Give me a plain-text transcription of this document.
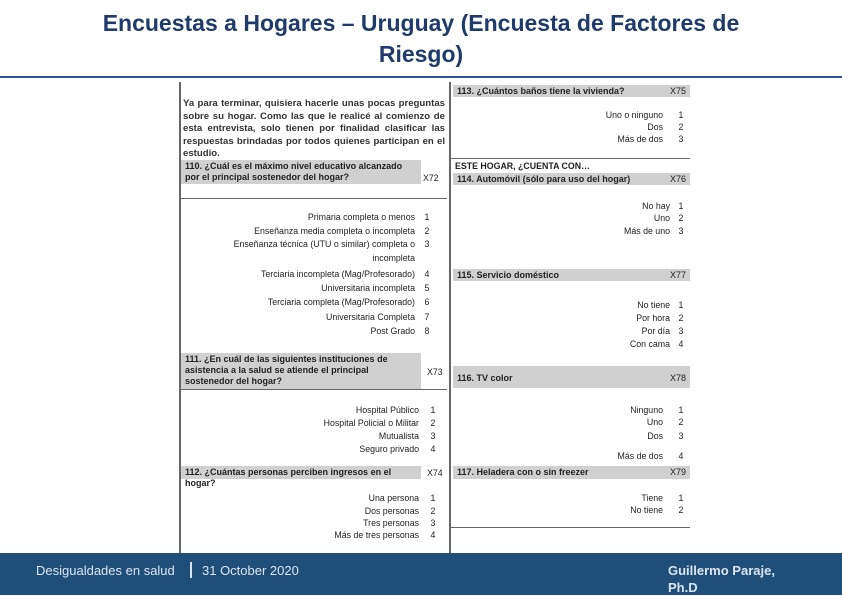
Encuestas a Hogares – Uruguay (Encuesta de Factores de
Riesgo)
Ya para terminar, quisiera hacerle unas pocas preguntas sobre su hogar. Como las que le realicé al comienzo de esta entrevista, solo tienen por finalidad clasificar las respuestas brindadas por todos quienes participan en el estudio.
110. ¿Cuál es el máximo nivel educativo alcanzado por el principal sostenedor del hogar?	X72
Primaria completa o menos	1
Enseñanza media completa o incompleta	2
Enseñanza técnica (UTU o similar) completa o	3
incompleta
Terciaria incompleta (Mag/Profesorado)	4
Universitaria incompleta	5
Terciaria completa (Mag/Profesorado)	6
Universitaria Completa	7
Post Grado	8
111. ¿En cuál de las siguientes instituciones de asistencia a la salud se atiende el principal sostenedor del hogar?
X73
Hospital Público	1
Hospital Policial o Militar	2
Mutualista	3
Seguro privado	4
112. ¿Cuántas personas perciben ingresos en el hogar?
X74
Una persona	1
Dos personas	2
Tres personas	3
Más de tres personas	4
113. ¿Cuántos baños tiene la vivienda?	X75
Uno o ninguno	1
Dos	2
Más de dos	3
ESTE HOGAR, ¿CUENTA CON…
114. Automóvil (sólo para uso del hogar)	X76
No hay 1
Uno 2
Más de uno 3
115. Servicio doméstico	X77
No tiene 1
Por hora 2
Por día 3
Con cama 4
116. TV color	X78
Ninguno	1
Uno	2
Dos	3
Más de dos	4
117. Heladera con o sin freezer	X79
Tiene	1
No tiene	2
Desigualdades en salud 31 October 2020	Guillermo Paraje,
Ph.D
